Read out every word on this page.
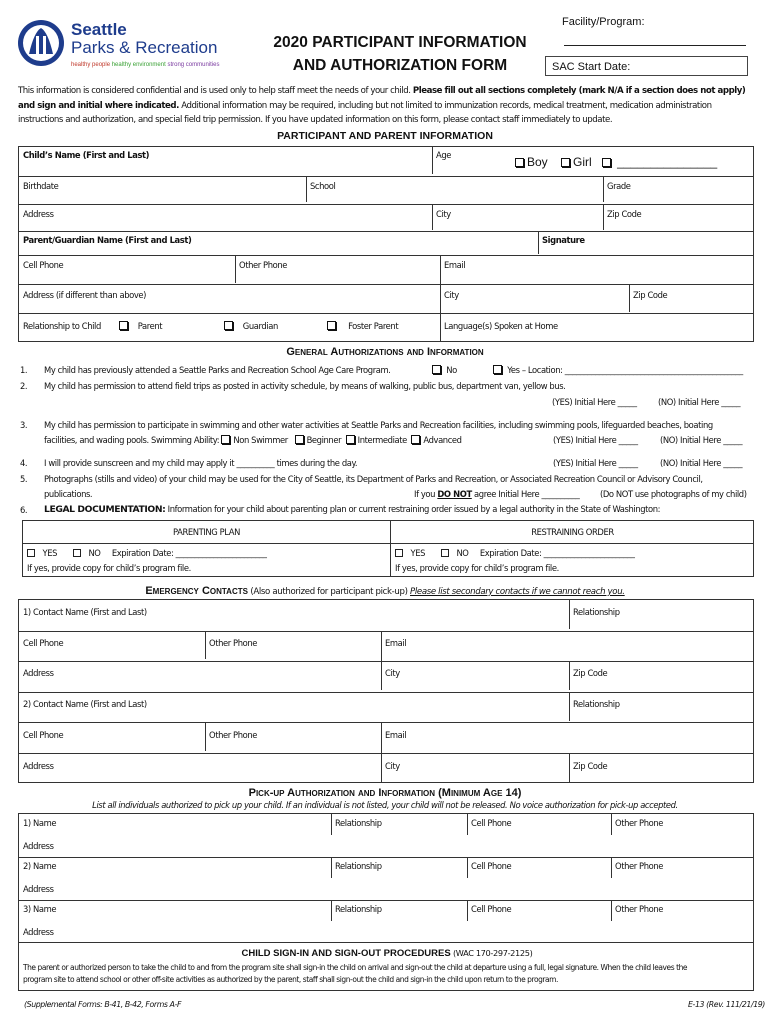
Seattle
Parks & Recreation
healthy people healthy environment strong communities
2020 PARTICIPANT INFORMATION
AND AUTHORIZATION FORM
Facility/Program:
SAC Start Date:
This information is considered confidential and is used only to help staff meet the needs of your child. Please fill out all sections completely (mark N/A if a section does not apply)
and sign and initial where indicated. Additional information may be required, including but not limited to immunization records, medical treatment, medication administration
instructions and authorization, and special field trip permission. If you have updated information on this form, please contact staff immediately to update.
PARTICIPANT AND PARENT INFORMATION
Child’s Name (First and Last)	Age	Boy Girl _______________
Birthdate	School	Grade
Address	City	Zip Code
Parent/Guardian Name (First and Last)	Signature
Cell Phone	Other Phone	Email
Address (if different than above)	City	Zip Code
Relationship to Child	Parent	Guardian	Foster Parent	Language(s) Spoken at Home
General Authorizations and Information
1. My child has previously attended a Seattle Parks and Recreation School Age Care Program.	No	Yes – Location: _______________________________________________
2. My child has permission to attend field trips as posted in activity schedule, by means of walking, public bus, department van, yellow bus.
(YES) Initial Here _____	(NO) Initial Here _____
3. My child has permission to participate in swimming and other water activities at Seattle Parks and Recreation facilities, including swimming pools, lifeguarded beaches, boating
facilities, and wading pools. Swimming Ability: Non Swimmer Beginner Intermediate Advanced	(YES) Initial Here _____	(NO) Initial Here _____
4. I will provide sunscreen and my child may apply it __________ times during the day.	(YES) Initial Here _____	(NO) Initial Here _____
5. Photographs (stills and video) of your child may be used for the City of Seattle, its Department of Parks and Recreation, or Associated Recreation Council or Advisory Council,
publications.	If you DO NOT agree Initial Here __________ (Do NOT use photographs of my child)
6. LEGAL DOCUMENTATION: Information for your child about parenting plan or current restraining order issued by a legal authority in the State of Washington:
PARENTING PLAN	RESTRAINING ORDER
YES	NO Expiration Date: ________________________
If yes, provide copy for child’s program file.
YES	NO Expiration Date: ________________________
If yes, provide copy for child’s program file.
Emergency Contacts (Also authorized for participant pick-up) Please list secondary contacts if we cannot reach you.
1) Contact Name (First and Last)	Relationship
Cell Phone	Other Phone	Email
Address	City	Zip Code
2) Contact Name (First and Last)	Relationship
Cell Phone	Other Phone	Email
Address	City	Zip Code
Pick-up Authorization and Information (Minimum Age 14)
List all individuals authorized to pick up your child. If an individual is not listed, your child will not be released. No voice authorization for pick-up accepted.
1) Name	Relationship	Cell Phone	Other Phone
Address
2) Name	Relationship	Cell Phone	Other Phone
Address
3) Name	Relationship	Cell Phone	Other Phone
Address
CHILD SIGN-IN AND SIGN-OUT PROCEDURES (WAC 170-297-2125)
The parent or authorized person to take the child to and from the program site shall sign-in the child on arrival and sign-out the child at departure using a full, legal signature. When the child leaves the
program site to attend school or other off-site activities as authorized by the parent, staff shall sign-out the child and sign-in the child upon return to the program.
(Supplemental Forms: B-41, B-42, Forms A-F	E-13 (Rev. 111/21/19)
